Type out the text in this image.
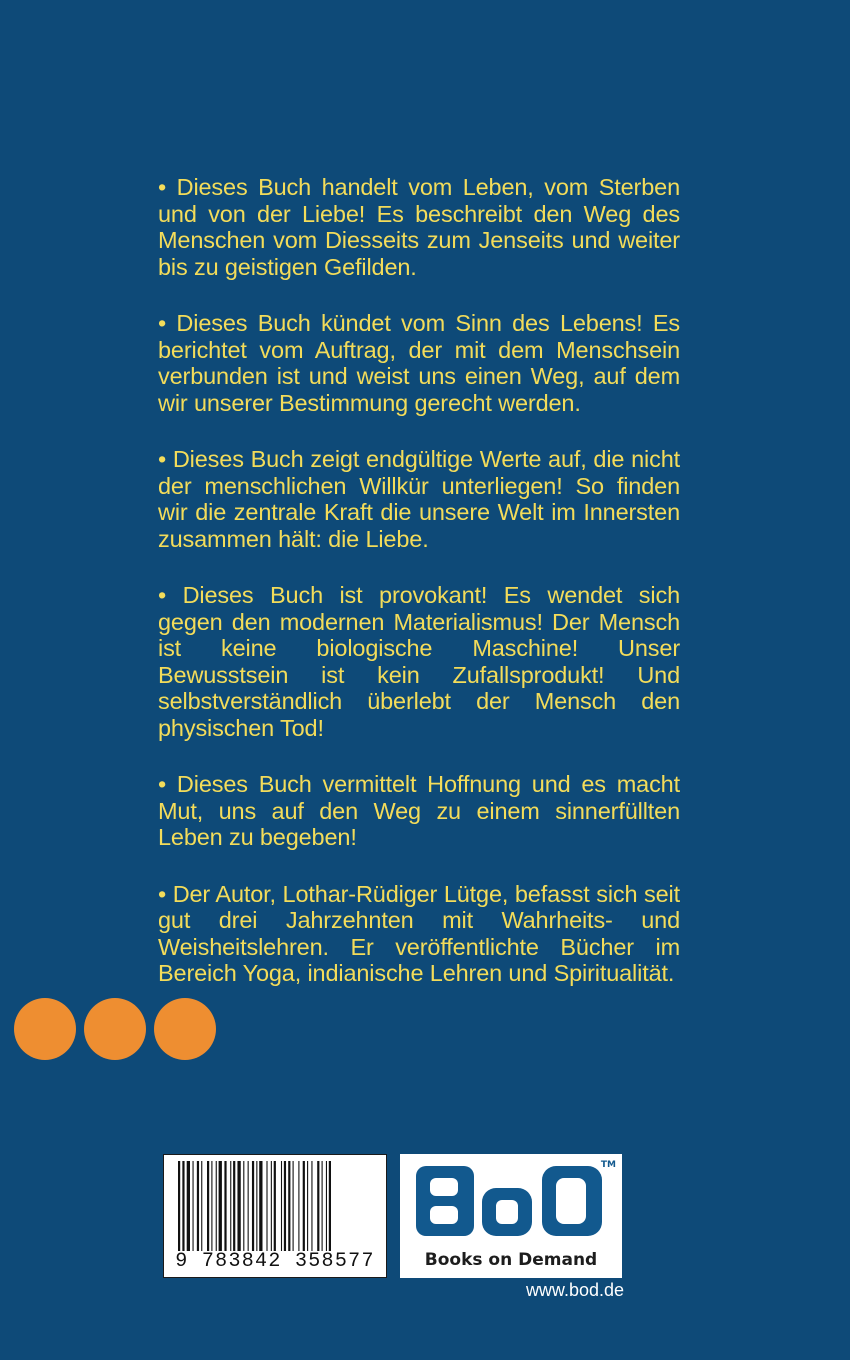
• Dieses Buch handelt vom Leben, vom Sterben und von der Liebe! Es beschreibt den Weg des Menschen vom Diesseits zum Jenseits und weiter bis zu geistigen Gefilden.

• Dieses Buch kündet vom Sinn des Lebens! Es berichtet vom Auftrag, der mit dem Menschsein verbunden ist und weist uns einen Weg, auf dem wir unserer Bestimmung gerecht werden.

• Dieses Buch zeigt endgültige Werte auf, die nicht der menschlichen Willkür unterliegen! So finden wir die zentrale Kraft die unsere Welt im Innersten zusammen hält: die Liebe.

• Dieses Buch ist provokant! Es wendet sich gegen den modernen Materialismus! Der Mensch ist keine biologische Maschine! Unser Bewusstsein ist kein Zufallsprodukt! Und selbstverständlich überlebt der Mensch den physischen Tod!

• Dieses Buch vermittelt Hoffnung und es macht Mut, uns auf den Weg zu einem sinnerfüllten Leben zu begeben!

• Der Autor, Lothar-Rüdiger Lütge, befasst sich seit gut drei Jahrzehnten mit Wahrheits- und Weisheitslehren. Er veröffentlichte Bücher im Bereich Yoga, indianische Lehren und Spiritualität.

9 783842 358577
TM
Books on Demand
www.bod.de
